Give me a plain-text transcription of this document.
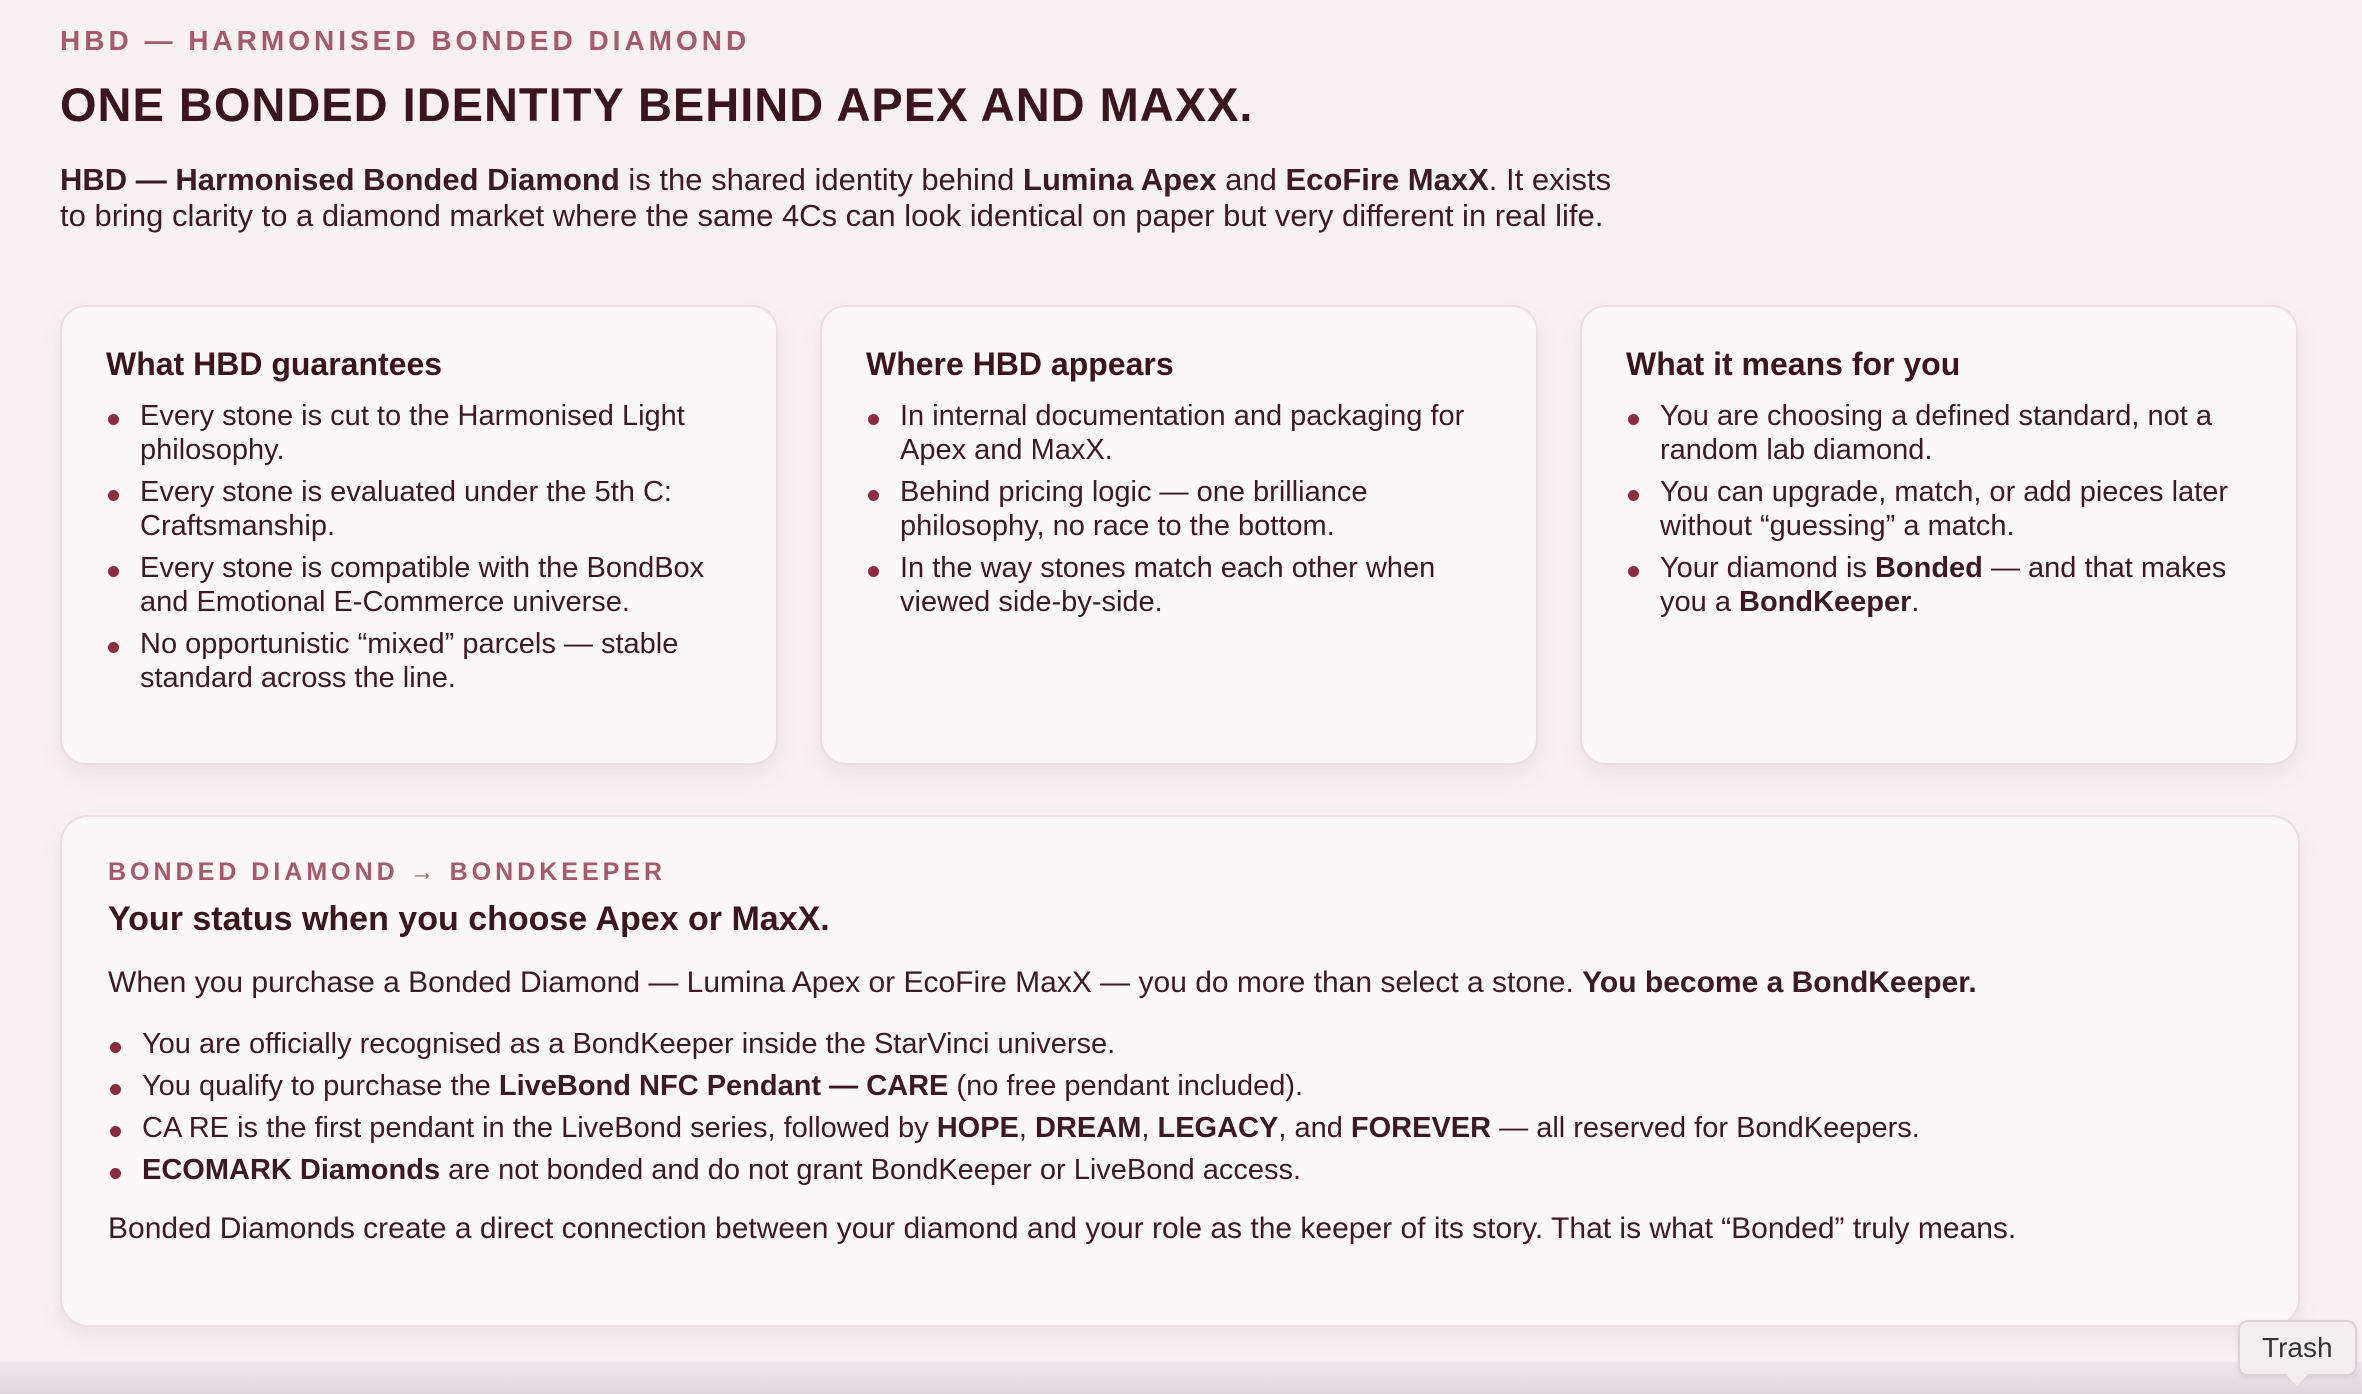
HBD — HARMONISED BONDED DIAMOND
ONE BONDED IDENTITY BEHIND APEX AND MAXX.
HBD — Harmonised Bonded Diamond is the shared identity behind Lumina Apex and EcoFire MaxX. It exists to bring clarity to a diamond market where the same 4Cs can look identical on paper but very different in real life.
What HBD guarantees
Every stone is cut to the Harmonised Light philosophy.
Every stone is evaluated under the 5th C: Craftsmanship.
Every stone is compatible with the BondBox and Emotional E-Commerce universe.
No opportunistic “mixed” parcels — stable standard across the line.
Where HBD appears
In internal documentation and packaging for Apex and MaxX.
Behind pricing logic — one brilliance philosophy, no race to the bottom.
In the way stones match each other when viewed side-by-side.
What it means for you
You are choosing a defined standard, not a random lab diamond.
You can upgrade, match, or add pieces later without “guessing” a match.
Your diamond is Bonded — and that makes you a BondKeeper.
BONDED DIAMOND → BONDKEEPER
Your status when you choose Apex or MaxX.
When you purchase a Bonded Diamond — Lumina Apex or EcoFire MaxX — you do more than select a stone. You become a BondKeeper.
You are officially recognised as a BondKeeper inside the StarVinci universe.
You qualify to purchase the LiveBond NFC Pendant — CARE (no free pendant included).
CA RE is the first pendant in the LiveBond series, followed by HOPE, DREAM, LEGACY, and FOREVER — all reserved for BondKeepers.
ECOMARK Diamonds are not bonded and do not grant BondKeeper or LiveBond access.
Bonded Diamonds create a direct connection between your diamond and your role as the keeper of its story. That is what “Bonded” truly means.
Trash
